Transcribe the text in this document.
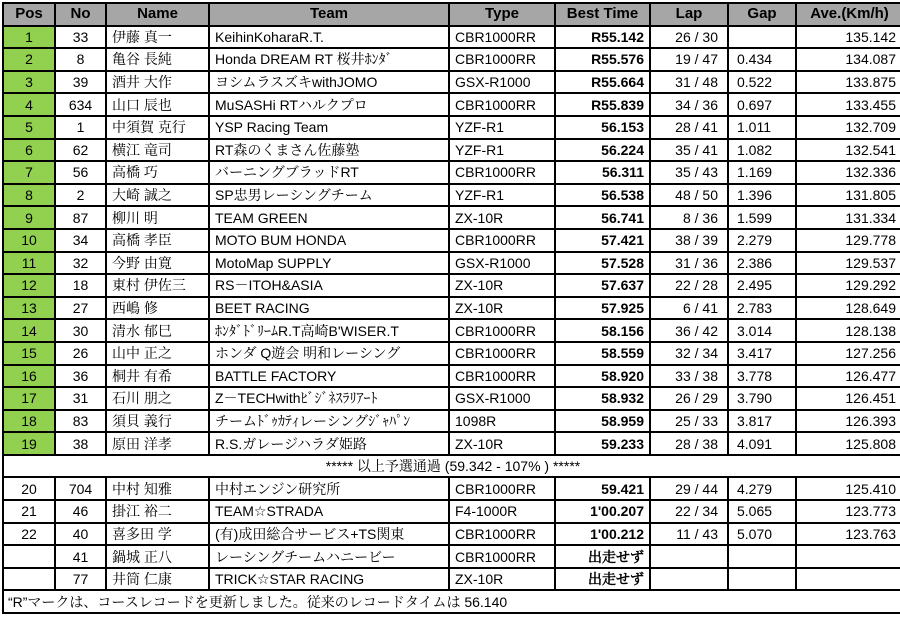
Pos	No	Name	Team	Type	Best Time	Lap	Gap	Ave.(Km/h)
1	33	伊藤 真一	KeihinKoharaR.T.	CBR1000RR	R55.142	26 / 30		135.142
2	8	亀谷 長純	Honda DREAM RT 桜井ﾎﾝﾀﾞ	CBR1000RR	R55.576	19 / 47	0.434	134.087
3	39	酒井 大作	ヨシムラスズキwithJOMO	GSX-R1000	R55.664	31 / 48	0.522	133.875
4	634	山口 辰也	MuSASHi RTハルクプロ	CBR1000RR	R55.839	34 / 36	0.697	133.455
5	1	中須賀 克行	YSP Racing Team	YZF-R1	56.153	28 / 41	1.011	132.709
6	62	横江 竜司	RT森のくまさん佐藤塾	YZF-R1	56.224	35 / 41	1.082	132.541
7	56	高橋 巧	バーニングブラッドRT	CBR1000RR	56.311	35 / 43	1.169	132.336
8	2	大崎 誠之	SP忠男レーシングチーム	YZF-R1	56.538	48 / 50	1.396	131.805
9	87	柳川 明	TEAM GREEN	ZX-10R	56.741	8 / 36	1.599	131.334
10	34	高橋 孝臣	MOTO BUM HONDA	CBR1000RR	57.421	38 / 39	2.279	129.778
11	32	今野 由寛	MotoMap SUPPLY	GSX-R1000	57.528	31 / 36	2.386	129.537
12	18	東村 伊佐三	RS－ITOH&ASIA	ZX-10R	57.637	22 / 28	2.495	129.292
13	27	西嶋 修	BEET RACING	ZX-10R	57.925	6 / 41	2.783	128.649
14	30	清水 郁巳	ﾎﾝﾀﾞﾄﾞﾘｰﾑR.T高崎B'WISER.T	CBR1000RR	58.156	36 / 42	3.014	128.138
15	26	山中 正之	ホンダ Q遊会 明和レーシング	CBR1000RR	58.559	32 / 34	3.417	127.256
16	36	桐井 有希	BATTLE FACTORY	CBR1000RR	58.920	33 / 38	3.778	126.477
17	31	石川 朋之	Z－TECHwithﾋﾞｼﾞﾈｽﾗﾘｱｰﾄ	GSX-R1000	58.932	26 / 29	3.790	126.451
18	83	須貝 義行	チームﾄﾞｩｶﾃｨレーシングｼﾞｬﾊﾟﾝ	1098R	58.959	25 / 33	3.817	126.393
19	38	原田 洋孝	R.S.ガレージハラダ姫路	ZX-10R	59.233	28 / 38	4.091	125.808
***** 以上予選通過 (59.342 - 107% ) *****								
20	704	中村 知雅	中村エンジン研究所	CBR1000RR	59.421	29 / 44	4.279	125.410
21	46	掛江 裕二	TEAM☆STRADA	F4-1000R	1'00.207	22 / 34	5.065	123.773
22	40	喜多田 学	(有)成田総合サービス+TS関東	CBR1000RR	1'00.212	11 / 43	5.070	123.763
	41	鍋城 正八	レーシングチームハニービー	CBR1000RR	出走せず			
	77	井筒 仁康	TRICK☆STAR RACING	ZX-10R	出走せず			
“R”マークは、コースレコードを更新しました。従来のレコードタイムは 56.140								
